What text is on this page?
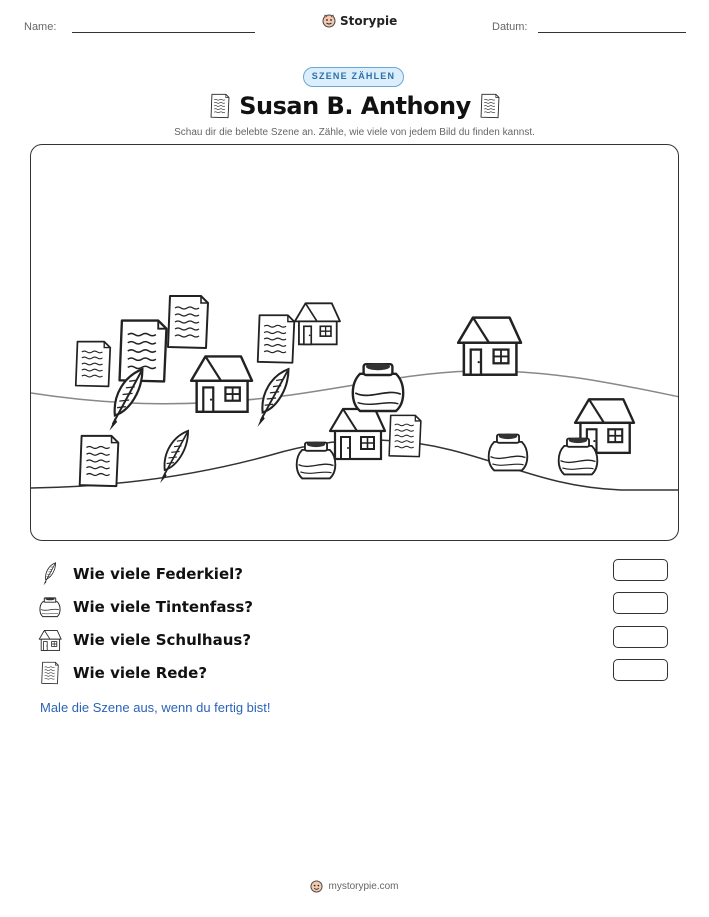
Name:	Storypie	Datum:
SZENE ZÄHLEN
Susan B. Anthony
Schau dir die belebte Szene an. Zähle, wie viele von jedem Bild du finden kannst.
Wie viele Federkiel?
Wie viele Tintenfass?
Wie viele Schulhaus?
Wie viele Rede?
Male die Szene aus, wenn du fertig bist!
mystorypie.com
